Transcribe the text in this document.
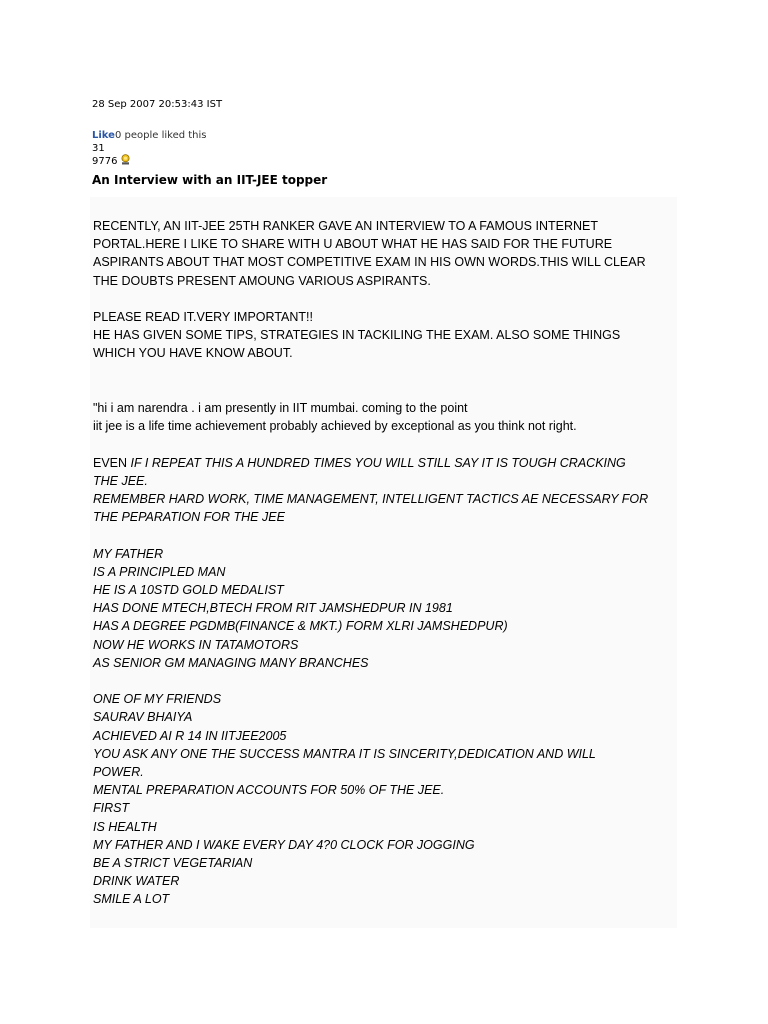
28 Sep 2007 20:53:43 IST
Like0 people liked this
31
9776
An Interview with an IIT-JEE topper

RECENTLY, AN IIT-JEE 25TH RANKER GAVE AN INTERVIEW TO A FAMOUS INTERNET

PORTAL.HERE I LIKE TO SHARE WITH U ABOUT WHAT HE HAS SAID FOR THE FUTURE

ASPIRANTS ABOUT THAT MOST COMPETITIVE EXAM IN HIS OWN WORDS.THIS WILL CLEAR

THE DOUBTS PRESENT AMOUNG VARIOUS ASPIRANTS.

PLEASE READ IT.VERY IMPORTANT!!

HE HAS GIVEN SOME TIPS, STRATEGIES IN TACKILING THE EXAM. ALSO SOME THINGS

WHICH YOU HAVE KNOW ABOUT.

"hi i am narendra . i am presently in IIT mumbai. coming to the point

iit jee is a life time achievement probably achieved by exceptional as you think not right.

EVEN IF I REPEAT THIS A HUNDRED TIMES YOU WILL STILL SAY IT IS TOUGH CRACKING

THE JEE.

REMEMBER HARD WORK, TIME MANAGEMENT, INTELLIGENT TACTICS AE NECESSARY FOR

THE PEPARATION FOR THE JEE

MY FATHER

IS A PRINCIPLED MAN

HE IS A 10STD GOLD MEDALIST

HAS DONE MTECH,BTECH FROM RIT JAMSHEDPUR IN 1981

HAS A DEGREE PGDMB(FINANCE & MKT.) FORM XLRI JAMSHEDPUR)

NOW HE WORKS IN TATAMOTORS

AS SENIOR GM MANAGING MANY BRANCHES

ONE OF MY FRIENDS

SAURAV BHAIYA

ACHIEVED AI R 14 IN IITJEE2005

YOU ASK ANY ONE THE SUCCESS MANTRA IT IS SINCERITY,DEDICATION AND WILL

POWER.

MENTAL PREPARATION ACCOUNTS FOR 50% OF THE JEE.

FIRST

IS HEALTH

MY FATHER AND I WAKE EVERY DAY 4?0 CLOCK FOR JOGGING

BE A STRICT VEGETARIAN

DRINK WATER

SMILE A LOT
